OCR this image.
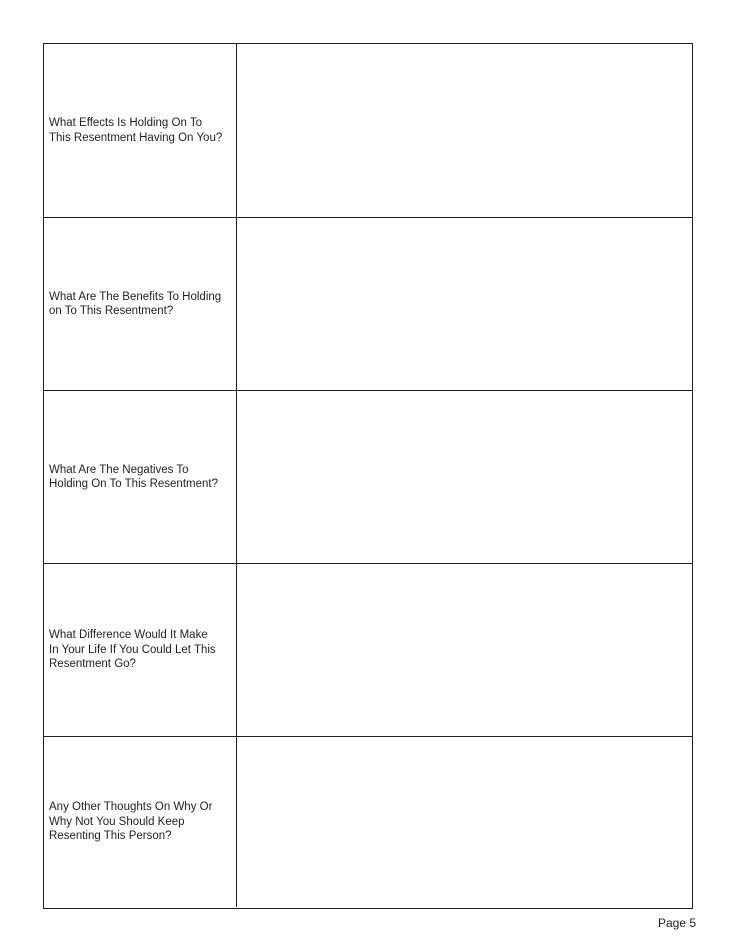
What Effects Is Holding On To
This Resentment Having On You?
What Are The Benefits To Holding
on To This Resentment?
What Are The Negatives To
Holding On To This Resentment?
What Difference Would It Make
In Your Life If You Could Let This
Resentment Go?
Any Other Thoughts On Why Or
Why Not You Should Keep
Resenting This Person?
Page 5
